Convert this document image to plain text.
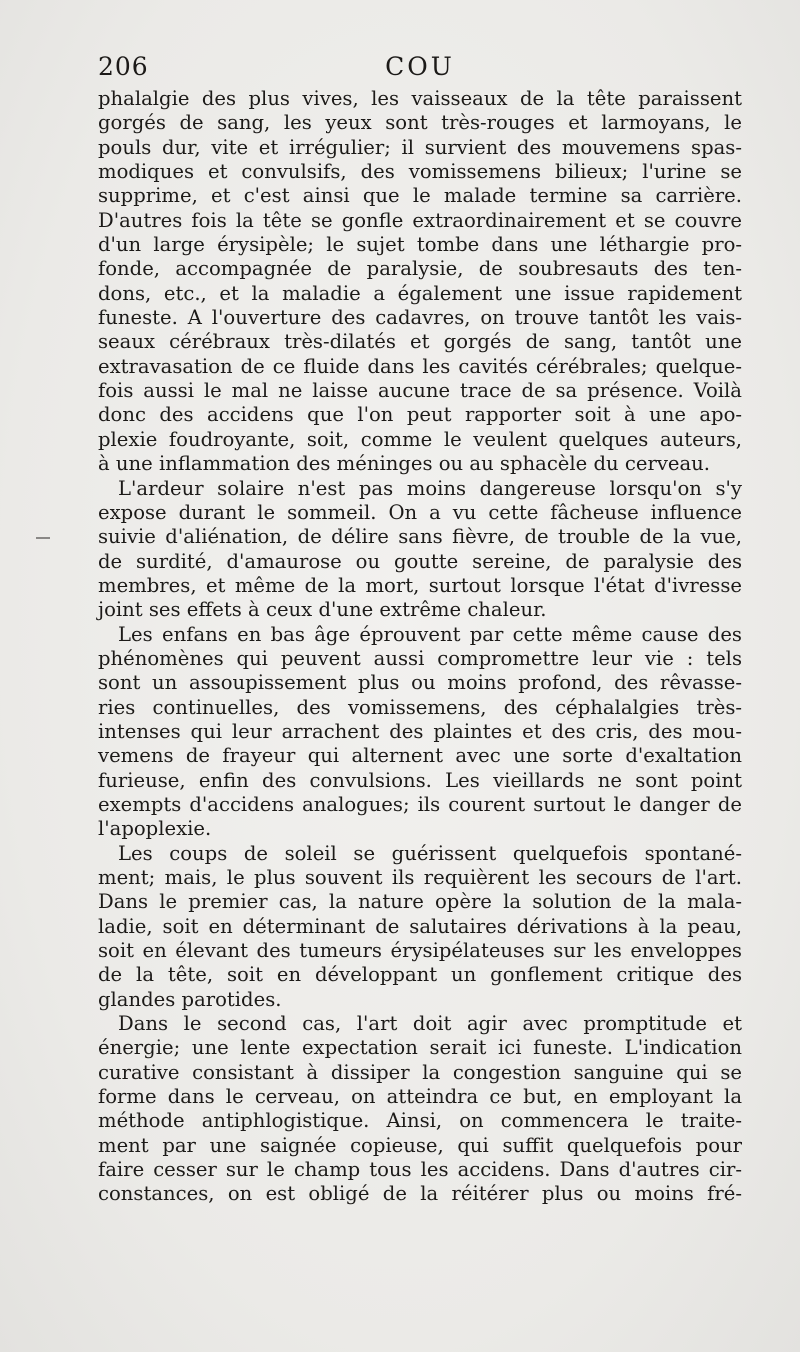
206	COU
phalalgie des plus vives, les vaisseaux de la tête paraissent
gorgés de sang, les yeux sont très-rouges et larmoyans, le
pouls dur, vite et irrégulier; il survient des mouvemens spas-
modiques et convulsifs, des vomissemens bilieux; l'urine se
supprime, et c'est ainsi que le malade termine sa carrière.
D'autres fois la tête se gonfle extraordinairement et se couvre
d'un large érysipèle; le sujet tombe dans une léthargie pro-
fonde, accompagnée de paralysie, de soubresauts des ten-
dons, etc., et la maladie a également une issue rapidement
funeste. A l'ouverture des cadavres, on trouve tantôt les vais-
seaux cérébraux très-dilatés et gorgés de sang, tantôt une
extravasation de ce fluide dans les cavités cérébrales; quelque-
fois aussi le mal ne laisse aucune trace de sa présence. Voilà
donc des accidens que l'on peut rapporter soit à une apo-
plexie foudroyante, soit, comme le veulent quelques auteurs,
à une inflammation des méninges ou au sphacèle du cerveau.
L'ardeur solaire n'est pas moins dangereuse lorsqu'on s'y
expose durant le sommeil. On a vu cette fâcheuse influence
suivie d'aliénation, de délire sans fièvre, de trouble de la vue,
de surdité, d'amaurose ou goutte sereine, de paralysie des
membres, et même de la mort, surtout lorsque l'état d'ivresse
joint ses effets à ceux d'une extrême chaleur.
Les enfans en bas âge éprouvent par cette même cause des
phénomènes qui peuvent aussi compromettre leur vie : tels
sont un assoupissement plus ou moins profond, des rêvasse-
ries continuelles, des vomissemens, des céphalalgies très-
intenses qui leur arrachent des plaintes et des cris, des mou-
vemens de frayeur qui alternent avec une sorte d'exaltation
furieuse, enfin des convulsions. Les vieillards ne sont point
exempts d'accidens analogues; ils courent surtout le danger de
l'apoplexie.
Les coups de soleil se guérissent quelquefois spontané-
ment; mais, le plus souvent ils requièrent les secours de l'art.
Dans le premier cas, la nature opère la solution de la mala-
ladie, soit en déterminant de salutaires dérivations à la peau,
soit en élevant des tumeurs érysipélateuses sur les enveloppes
de la tête, soit en développant un gonflement critique des
glandes parotides.
Dans le second cas, l'art doit agir avec promptitude et
énergie; une lente expectation serait ici funeste. L'indication
curative consistant à dissiper la congestion sanguine qui se
forme dans le cerveau, on atteindra ce but, en employant la
méthode antiphlogistique. Ainsi, on commencera le traite-
ment par une saignée copieuse, qui suffit quelquefois pour
faire cesser sur le champ tous les accidens. Dans d'autres cir-
constances, on est obligé de la réitérer plus ou moins fré-
